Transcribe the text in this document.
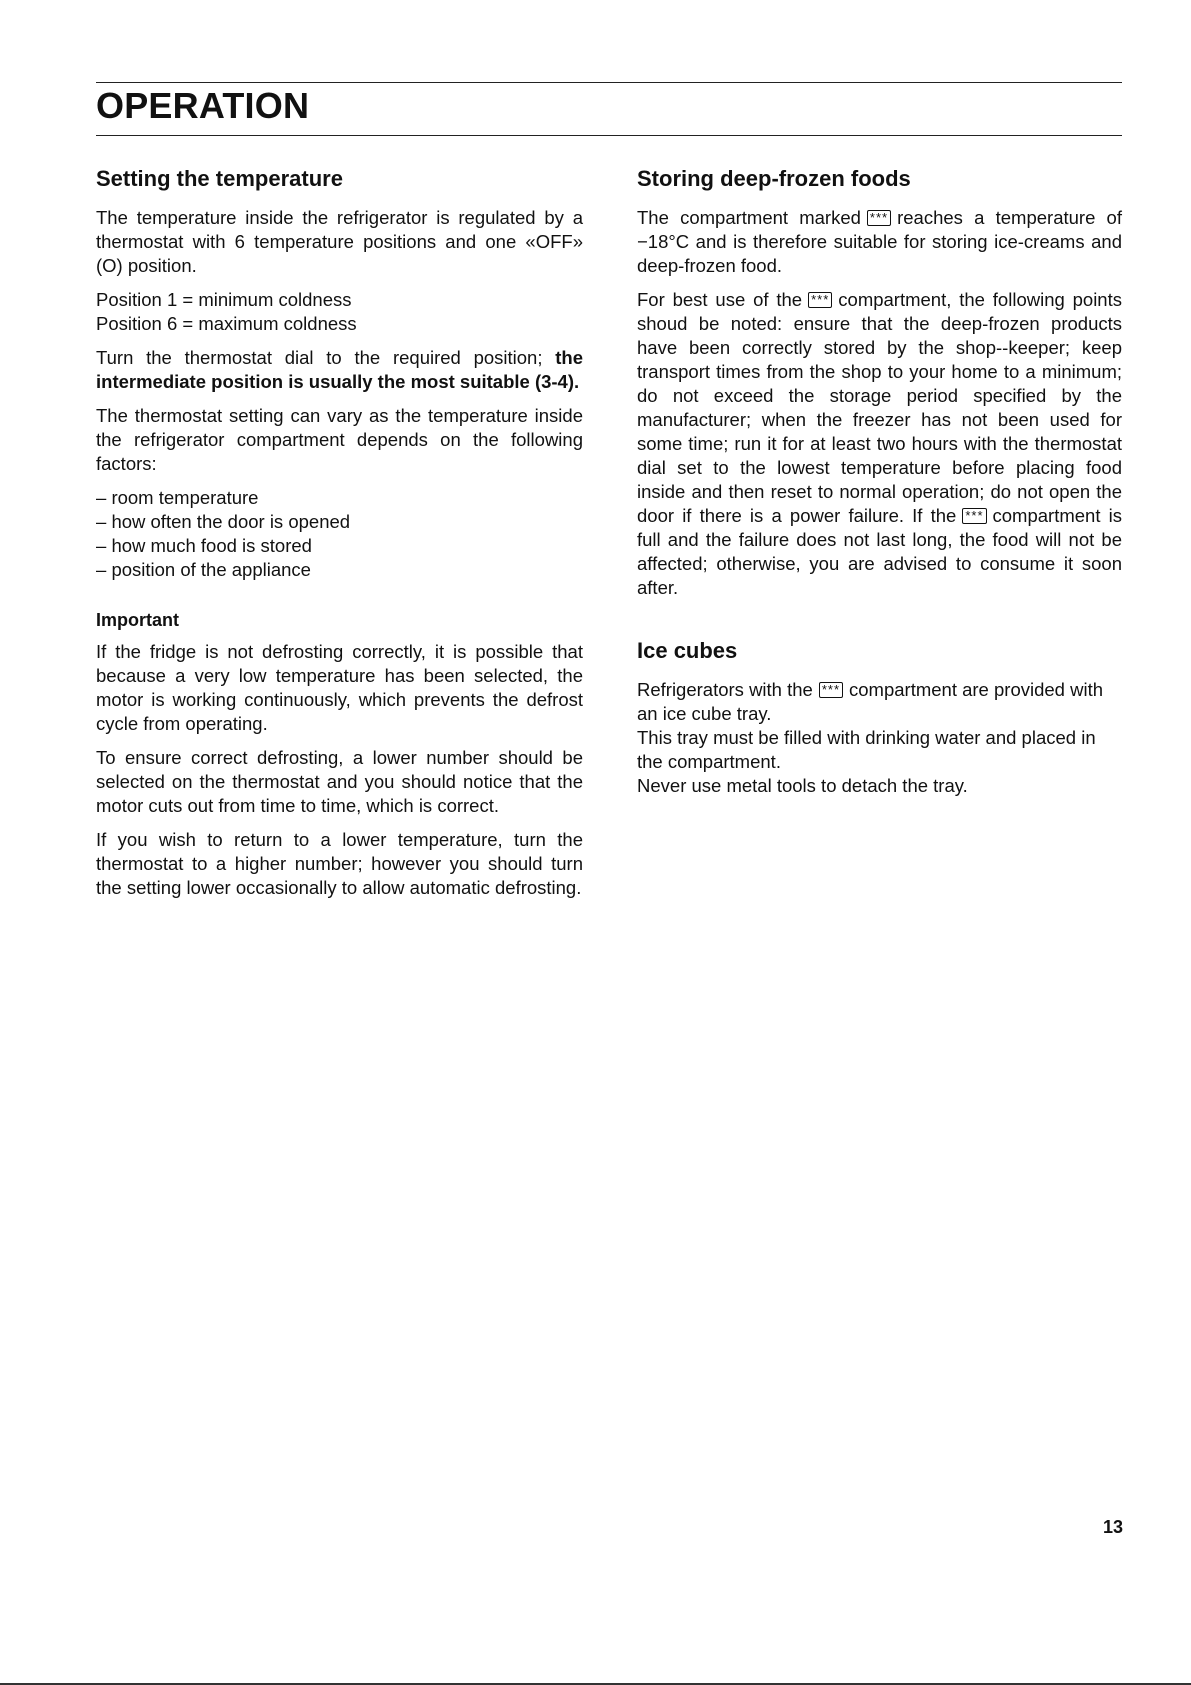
OPERATION
Setting the temperature

The temperature inside the refrigerator is regulated by a thermostat with 6 temperature positions and one «OFF» (O) position.

Position 1 = minimum coldness
Position 6 = maximum coldness

Turn the thermostat dial to the required position; the intermediate position is usually the most suitable (3-4).

The thermostat setting can vary as the temperature inside the refrigerator compartment depends on the following factors:

– room temperature
– how often the door is opened
– how much food is stored
– position of the appliance
Important

If the fridge is not defrosting correctly, it is possible that because a very low temperature has been selected, the motor is working continuously, which prevents the defrost cycle from operating.

To ensure correct defrosting, a lower number should be selected on the thermostat and you should notice that the motor cuts out from time to time, which is correct.

If you wish to return to a lower temperature, turn the thermostat to a higher number; however you should turn the setting lower occasionally to allow automatic defrosting.

Storing deep-frozen foods

The compartment marked *** reaches a temperature of −18°C and is therefore suitable for storing ice-creams and deep-frozen food.

For best use of the *** compartment, the following points shoud be noted: ensure that the deep-frozen products have been correctly stored by the shop--keeper; keep transport times from the shop to your home to a minimum; do not exceed the storage period specified by the manufacturer; when the freezer has not been used for some time; run it for at least two hours with the thermostat dial set to the lowest temperature before placing food inside and then reset to normal operation; do not open the door if there is a power failure. If the *** compartment is full and the failure does not last long, the food will not be affected; otherwise, you are advised to consume it soon after.

Ice cubes

Refrigerators with the *** compartment are provided with an ice cube tray.
This tray must be filled with drinking water and placed in the compartment.
Never use metal tools to detach the tray.

13
